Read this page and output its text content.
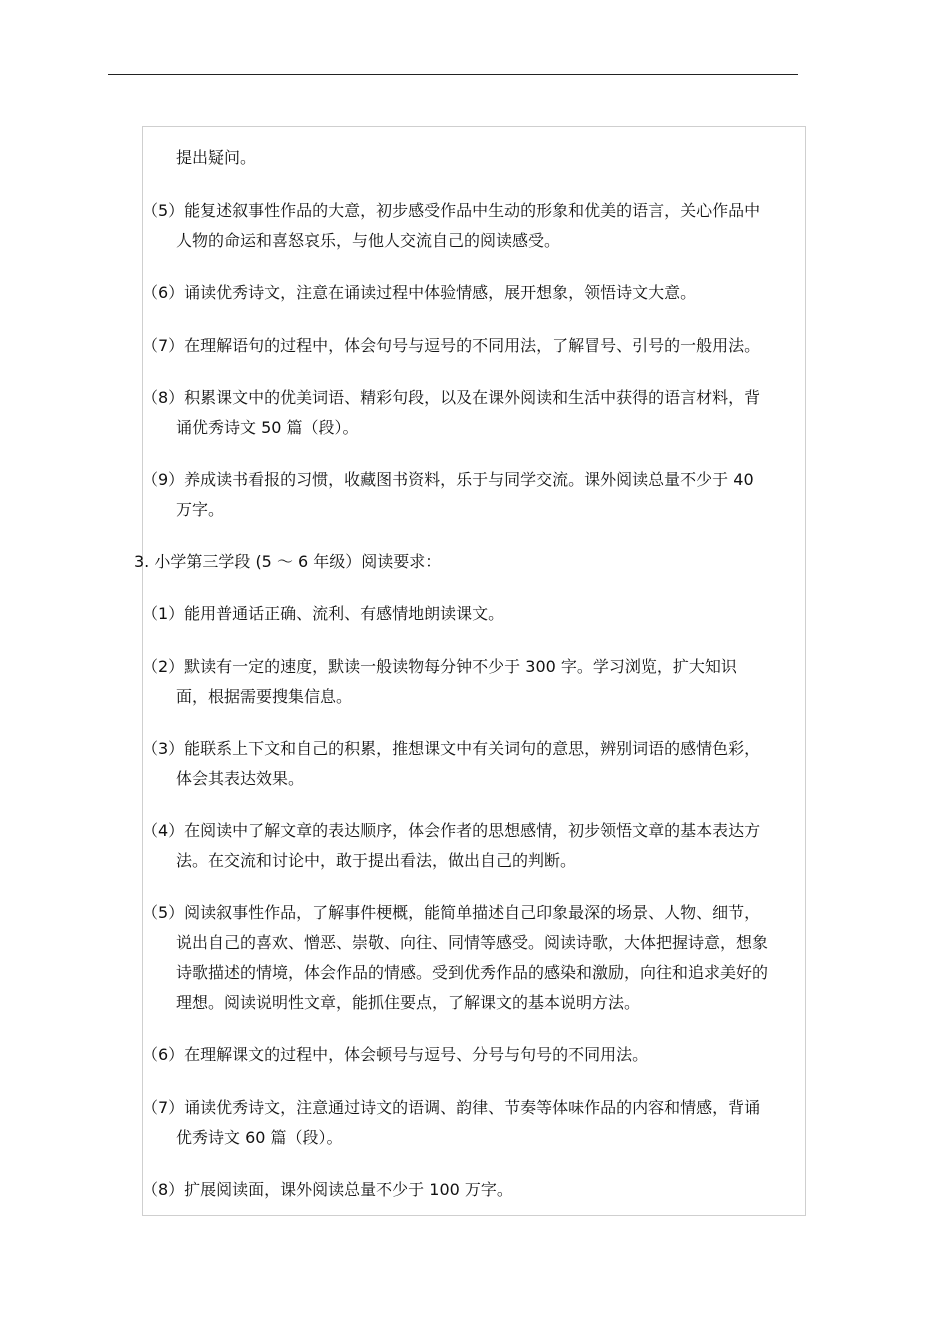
提出疑问。

（5）能复述叙事性作品的大意，初步感受作品中生动的形象和优美的语言，关心作品中
人物的命运和喜怒哀乐，与他人交流自己的阅读感受。

（6）诵读优秀诗文，注意在诵读过程中体验情感，展开想象，领悟诗文大意。

（7）在理解语句的过程中，体会句号与逗号的不同用法，了解冒号、引号的一般用法。

（8）积累课文中的优美词语、精彩句段，以及在课外阅读和生活中获得的语言材料，背
诵优秀诗文 50 篇（段）。

（9）养成读书看报的习惯，收藏图书资料，乐于与同学交流。课外阅读总量不少于 40
万字。

3. 小学第三学段 (5 ～ 6 年级）阅读要求：

（1）能用普通话正确、流利、有感情地朗读课文。

（2）默读有一定的速度，默读一般读物每分钟不少于 300 字。学习浏览，扩大知识
面，根据需要搜集信息。

（3）能联系上下文和自己的积累，推想课文中有关词句的意思，辨别词语的感情色彩，
体会其表达效果。

（4）在阅读中了解文章的表达顺序，体会作者的思想感情，初步领悟文章的基本表达方
法。在交流和讨论中，敢于提出看法，做出自己的判断。

（5）阅读叙事性作品，了解事件梗概，能简单描述自己印象最深的场景、人物、细节，
说出自己的喜欢、憎恶、崇敬、向往、同情等感受。阅读诗歌，大体把握诗意，想象
诗歌描述的情境，体会作品的情感。受到优秀作品的感染和激励，向往和追求美好的
理想。阅读说明性文章，能抓住要点，了解课文的基本说明方法。

（6）在理解课文的过程中，体会顿号与逗号、分号与句号的不同用法。

（7）诵读优秀诗文，注意通过诗文的语调、韵律、节奏等体味作品的内容和情感，背诵
优秀诗文 60 篇（段）。

（8）扩展阅读面，课外阅读总量不少于 100 万字。
